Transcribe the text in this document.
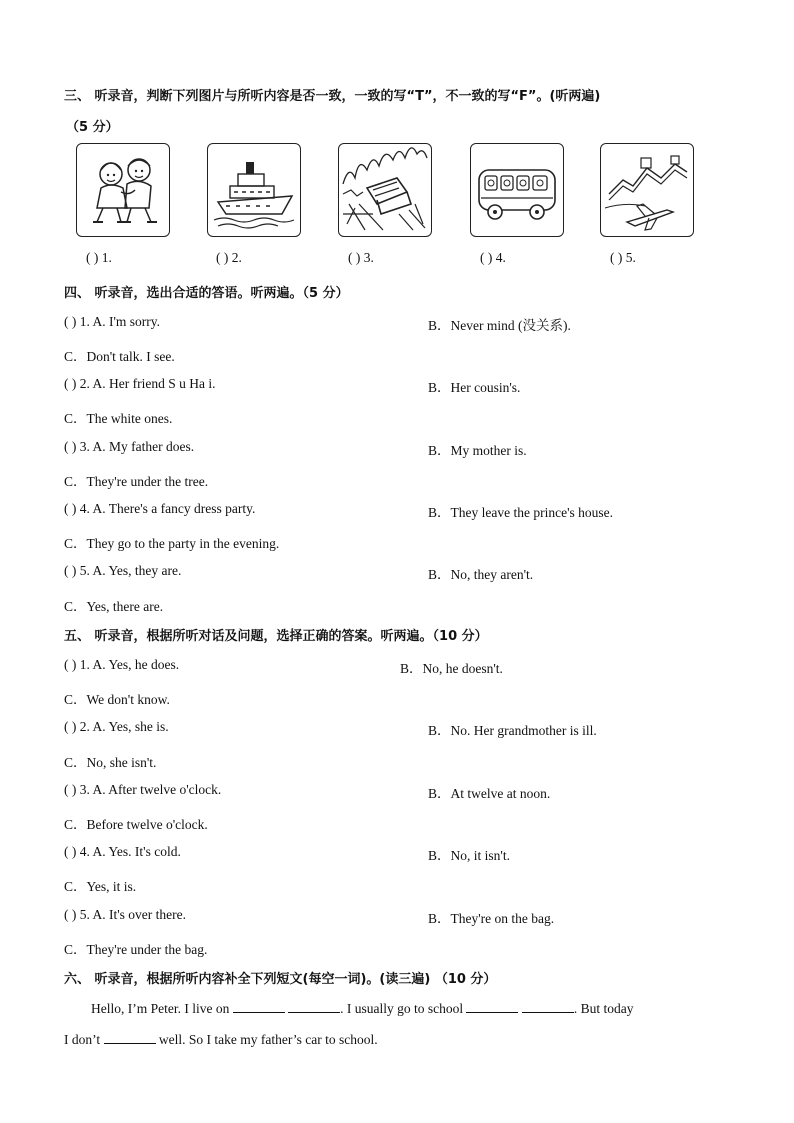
三、 听录音，判断下列图片与所听内容是否一致，一致的写“T”，不一致的写“F”。(听两遍)
（5 分）
( ) 1.	( ) 2.	( ) 3.	( ) 4.	( ) 5.
四、 听录音，选出合适的答语。听两遍。（5 分）
( ) 1. A. I'm sorry.	B．Never mind (没关系).
C．Don't talk. I see.
( ) 2. A. Her friend S u Ha i.	B．Her cousin's.
C．The white ones.
( ) 3. A. My father does.	B．My mother is.
C．They're under the tree.
( ) 4. A. There's a fancy dress party.	B．They leave the prince's house.
C．They go to the party in the evening.
( ) 5. A. Yes, they are.	B．No, they aren't.
C．Yes, there are.
五、 听录音，根据所听对话及问题，选择正确的答案。听两遍。（10 分）
( ) 1. A. Yes, he does.	B．No, he doesn't.
C．We don't know.
( ) 2. A. Yes, she is.	B．No. Her grandmother is ill.
C．No, she isn't.
( ) 3. A. After twelve o'clock.	B．At twelve at noon.
C．Before twelve o'clock.
( ) 4. A. Yes. It's cold.	B．No, it isn't.
C．Yes, it is.
( ) 5. A. It's over there.	B．They're on the bag.
C．They're under the bag.
六、 听录音，根据所听内容补全下列短文(每空一词)。(读三遍) （10 分）
Hello, I’m Peter. I live on	. I usually go to school	. But today
I don’t	well. So I take my father’s car to school.
